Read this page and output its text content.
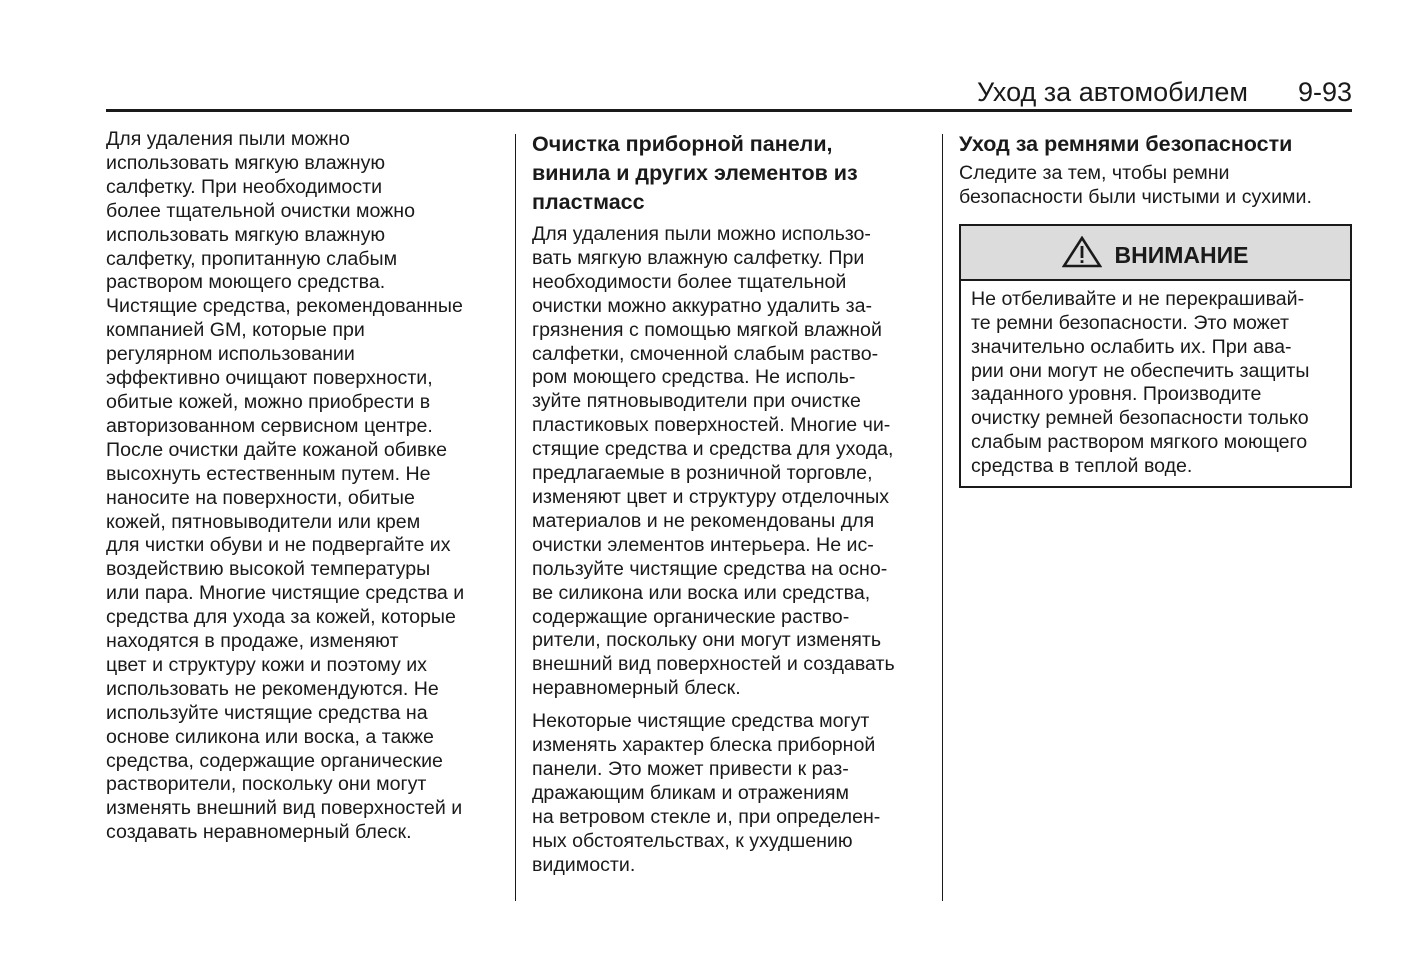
Уход за автомобилем	9-93
Для удаления пыли можно
использовать мягкую влажную
салфетку. При необходимости
более тщательной очистки можно
использовать мягкую влажную
салфетку, пропитанную слабым
раствором моющего средства.
Чистящие средства, рекомендованные
компанией GM, которые при
регулярном использовании
эффективно очищают поверхности,
обитые кожей, можно приобрести в
авторизованном сервисном центре.
После очистки дайте кожаной обивке
высохнуть естественным путем. Не
наносите на поверхности, обитые
кожей, пятновыводители или крем
для чистки обуви и не подвергайте их
воздействию высокой температуры
или пара. Многие чистящие средства и
средства для ухода за кожей, которые
находятся в продаже, изменяют
цвет и структуру кожи и поэтому их
использовать не рекомендуются. Не
используйте чистящие средства на
основе силикона или воска, а также
средства, содержащие органические
растворители, поскольку они могут
изменять внешний вид поверхностей и
создавать неравномерный блеск.
Очистка приборной панели,
винила и других элементов из
пластмасс
Для удаления пыли можно использо-
вать мягкую влажную салфетку. При
необходимости более тщательной
очистки можно аккуратно удалить за-
грязнения с помощью мягкой влажной
салфетки, смоченной слабым раство-
ром моющего средства. Не исполь-
зуйте пятновыводители при очистке
пластиковых поверхностей. Многие чи-
стящие средства и средства для ухода,
предлагаемые в розничной торговле,
изменяют цвет и структуру отделочных
материалов и не рекомендованы для
очистки элементов интерьера. Не ис-
пользуйте чистящие средства на осно-
ве силикона или воска или средства,
содержащие органические раство-
рители, поскольку они могут изменять
внешний вид поверхностей и создавать
неравномерный блеск.
Некоторые чистящие средства могут
изменять характер блеска приборной
панели. Это может привести к раз-
дражающим бликам и отражениям
на ветровом стекле и, при определен-
ных обстоятельствах, к ухудшению
видимости.
Уход за ремнями безопасности
Следите за тем, чтобы ремни
безопасности были чистыми и сухими.
ВНИМАНИЕ
Не отбеливайте и не перекрашивай-
те ремни безопасности. Это может
значительно ослабить их. При ава-
рии они могут не обеспечить защиты
заданного уровня. Производите
очистку ремней безопасности только
слабым раствором мягкого моющего
средства в теплой воде.
